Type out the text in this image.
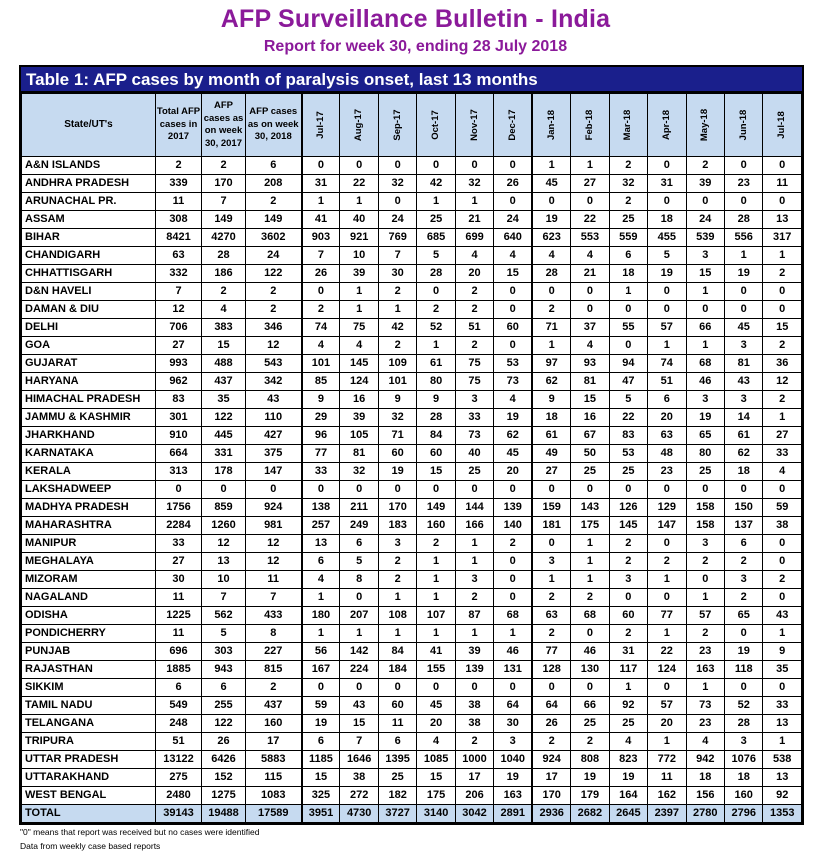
AFP Surveillance Bulletin - India
Report for week 30, ending 28 July 2018
Table 1: AFP cases by month of paralysis onset, last 13 months
State/UT's	Total AFP cases in 2017	AFP cases as on week 30, 2017	AFP cases as on week 30, 2018	Jul-17	Aug-17	Sep-17	Oct-17	Nov-17	Dec-17	Jan-18	Feb-18	Mar-18	Apr-18	May-18	Jun-18	Jul-18

A&N ISLANDS	2	2	6	0	0	0	0	0	0	1	1	2	0	2	0	0
ANDHRA PRADESH	339	170	208	31	22	32	42	32	26	45	27	32	31	39	23	11
ARUNACHAL PR.	11	7	2	1	1	0	1	1	0	0	0	2	0	0	0	0
ASSAM	308	149	149	41	40	24	25	21	24	19	22	25	18	24	28	13
BIHAR	8421	4270	3602	903	921	769	685	699	640	623	553	559	455	539	556	317
CHANDIGARH	63	28	24	7	10	7	5	4	4	4	4	6	5	3	1	1
CHHATTISGARH	332	186	122	26	39	30	28	20	15	28	21	18	19	15	19	2
D&N HAVELI	7	2	2	0	1	2	0	2	0	0	0	1	0	1	0	0
DAMAN & DIU	12	4	2	2	1	1	2	2	0	2	0	0	0	0	0	0
DELHI	706	383	346	74	75	42	52	51	60	71	37	55	57	66	45	15
GOA	27	15	12	4	4	2	1	2	0	1	4	0	1	1	3	2
GUJARAT	993	488	543	101	145	109	61	75	53	97	93	94	74	68	81	36
HARYANA	962	437	342	85	124	101	80	75	73	62	81	47	51	46	43	12
HIMACHAL PRADESH	83	35	43	9	16	9	9	3	4	9	15	5	6	3	3	2
JAMMU & KASHMIR	301	122	110	29	39	32	28	33	19	18	16	22	20	19	14	1
JHARKHAND	910	445	427	96	105	71	84	73	62	61	67	83	63	65	61	27
KARNATAKA	664	331	375	77	81	60	60	40	45	49	50	53	48	80	62	33
KERALA	313	178	147	33	32	19	15	25	20	27	25	25	23	25	18	4
LAKSHADWEEP	0	0	0	0	0	0	0	0	0	0	0	0	0	0	0	0
MADHYA PRADESH	1756	859	924	138	211	170	149	144	139	159	143	126	129	158	150	59
MAHARASHTRA	2284	1260	981	257	249	183	160	166	140	181	175	145	147	158	137	38
MANIPUR	33	12	12	13	6	3	2	1	2	0	1	2	0	3	6	0
MEGHALAYA	27	13	12	6	5	2	1	1	0	3	1	2	2	2	2	0
MIZORAM	30	10	11	4	8	2	1	3	0	1	1	3	1	0	3	2
NAGALAND	11	7	7	1	0	1	1	2	0	2	2	0	0	1	2	0
ODISHA	1225	562	433	180	207	108	107	87	68	63	68	60	77	57	65	43
PONDICHERRY	11	5	8	1	1	1	1	1	1	2	0	2	1	2	0	1
PUNJAB	696	303	227	56	142	84	41	39	46	77	46	31	22	23	19	9
RAJASTHAN	1885	943	815	167	224	184	155	139	131	128	130	117	124	163	118	35
SIKKIM	6	6	2	0	0	0	0	0	0	0	0	1	0	1	0	0
TAMIL NADU	549	255	437	59	43	60	45	38	64	64	66	92	57	73	52	33
TELANGANA	248	122	160	19	15	11	20	38	30	26	25	25	20	23	28	13
TRIPURA	51	26	17	6	7	6	4	2	3	2	2	4	1	4	3	1
UTTAR PRADESH	13122	6426	5883	1185	1646	1395	1085	1000	1040	924	808	823	772	942	1076	538
UTTARAKHAND	275	152	115	15	38	25	15	17	19	17	19	19	11	18	18	13
WEST BENGAL	2480	1275	1083	325	272	182	175	206	163	170	179	164	162	156	160	92
TOTAL	39143	19488	17589	3951	4730	3727	3140	3042	2891	2936	2682	2645	2397	2780	2796	1353
"0" means that report was received but no cases were identified
Data from weekly case based reports
